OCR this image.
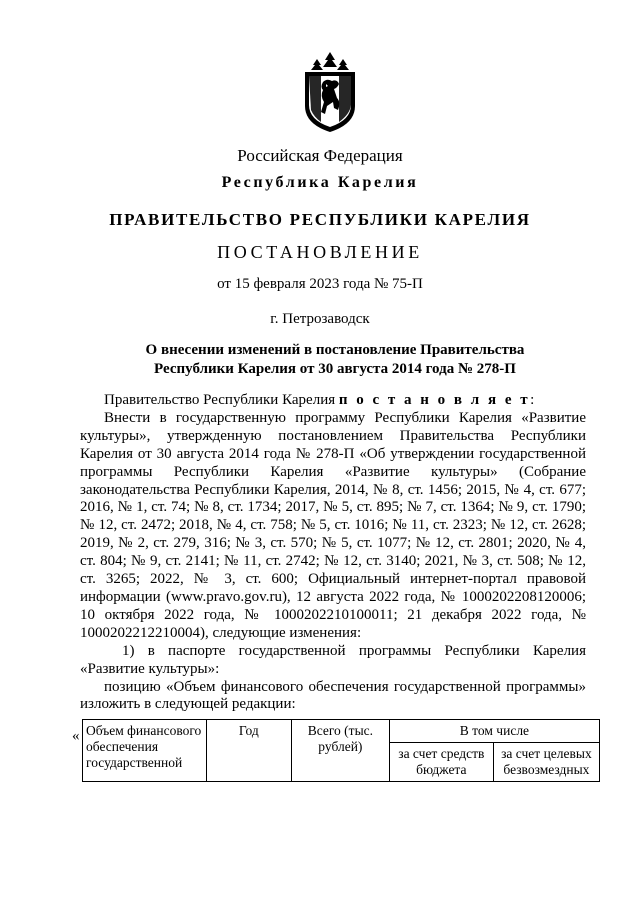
Российская Федерация
Республика Карелия
ПРАВИТЕЛЬСТВО РЕСПУБЛИКИ КАРЕЛИЯ
ПОСТАНОВЛЕНИЕ
от 15 февраля 2023 года № 75-П
г. Петрозаводск
О внесении изменений в постановление Правительства
Республики Карелия от 30 августа 2014 года № 278-П

Правительство Республики Карелия п о с т а н о в л я е т:

Внести в государственную программу Республики Карелия «Развитие культуры», утвержденную постановлением Правительства Республики Карелия от 30 августа 2014 года № 278-П «Об утверждении государственной программы Республики Карелия «Развитие культуры» (Собрание законодательства Республики Карелия, 2014, № 8, ст. 1456; 2015, № 4, ст. 677; 2016, № 1, ст. 74; № 8, ст. 1734; 2017, № 5, ст. 895; № 7, ст. 1364; № 9, ст. 1790; № 12, ст. 2472; 2018, № 4, ст. 758; № 5, ст. 1016; № 11, ст. 2323; № 12, ст. 2628; 2019, № 2, ст. 279, 316; № 3, ст. 570; № 5, ст. 1077; № 12, ст. 2801; 2020, № 4, ст. 804; № 9, ст. 2141; № 11, ст. 2742; № 12, ст. 3140; 2021, № 3, ст. 508; № 12, ст. 3265; 2022, № 3, ст. 600; Официальный интернет-портал правовой информации (www.pravo.gov.ru), 12 августа 2022 года, № 1000202208120006; 10 октября 2022 года, № 1000202210100011; 21 декабря 2022 года, № 1000202212210004), следующие изменения:

1) в паспорте государственной программы Республики Карелия «Развитие культуры»:

позицию «Объем финансового обеспечения государственной программы» изложить в следующей редакции:

« Объем финансового обеспечения государственной	Год	Всего (тыс. рублей)	В том числе	
			за счет средств бюджета	за счет целевых безвозмездных
